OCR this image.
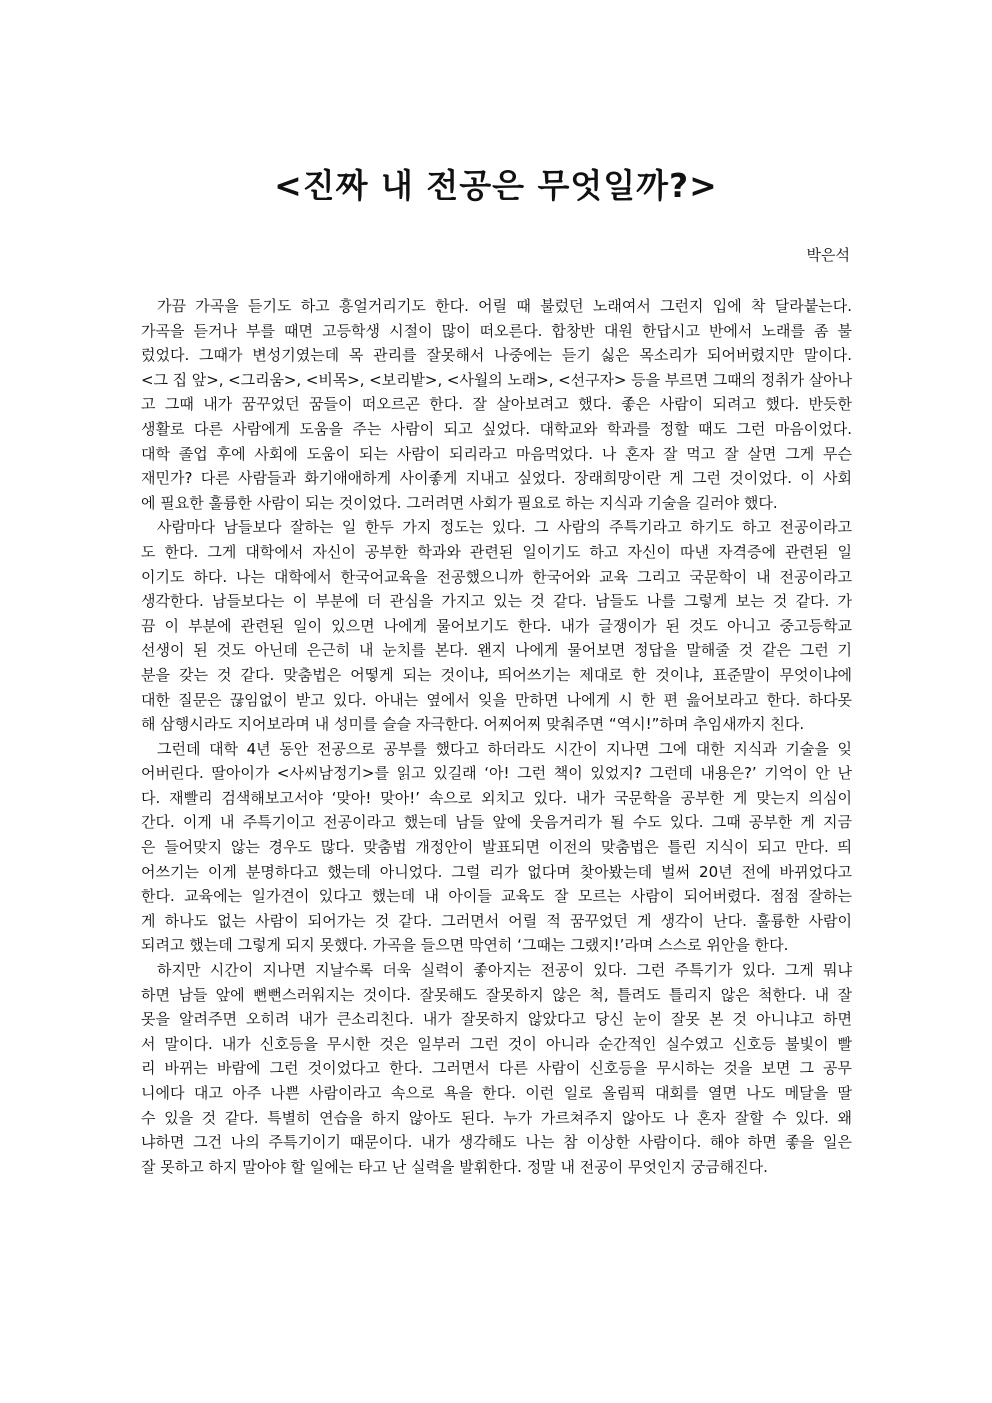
<진짜 내 전공은 무엇일까?>
박은석
가끔 가곡을 듣기도 하고 흥얼거리기도 한다. 어릴 때 불렀던 노래여서 그런지 입에 착 달라붙는다.
가곡을 듣거나 부를 때면 고등학생 시절이 많이 떠오른다. 합창반 대원 한답시고 반에서 노래를 좀 불
렀었다. 그때가 변성기였는데 목 관리를 잘못해서 나중에는 듣기 싫은 목소리가 되어버렸지만 말이다.
<그 집 앞>, <그리움>, <비목>, <보리밭>, <사월의 노래>, <선구자> 등을 부르면 그때의 정취가 살아나
고 그때 내가 꿈꾸었던 꿈들이 떠오르곤 한다. 잘 살아보려고 했다. 좋은 사람이 되려고 했다. 반듯한
생활로 다른 사람에게 도움을 주는 사람이 되고 싶었다. 대학교와 학과를 정할 때도 그런 마음이었다.
대학 졸업 후에 사회에 도움이 되는 사람이 되리라고 마음먹었다. 나 혼자 잘 먹고 잘 살면 그게 무슨
재민가? 다른 사람들과 화기애애하게 사이좋게 지내고 싶었다. 장래희망이란 게 그런 것이었다. 이 사회
에 필요한 훌륭한 사람이 되는 것이었다. 그러려면 사회가 필요로 하는 지식과 기술을 길러야 했다.
사람마다 남들보다 잘하는 일 한두 가지 정도는 있다. 그 사람의 주특기라고 하기도 하고 전공이라고
도 한다. 그게 대학에서 자신이 공부한 학과와 관련된 일이기도 하고 자신이 따낸 자격증에 관련된 일
이기도 하다. 나는 대학에서 한국어교육을 전공했으니까 한국어와 교육 그리고 국문학이 내 전공이라고
생각한다. 남들보다는 이 부분에 더 관심을 가지고 있는 것 같다. 남들도 나를 그렇게 보는 것 같다. 가
끔 이 부분에 관련된 일이 있으면 나에게 물어보기도 한다. 내가 글쟁이가 된 것도 아니고 중고등학교
선생이 된 것도 아닌데 은근히 내 눈치를 본다. 왠지 나에게 물어보면 정답을 말해줄 것 같은 그런 기
분을 갖는 것 같다. 맞춤법은 어떻게 되는 것이냐, 띄어쓰기는 제대로 한 것이냐, 표준말이 무엇이냐에
대한 질문은 끊임없이 받고 있다. 아내는 옆에서 잊을 만하면 나에게 시 한 편 읊어보라고 한다. 하다못
해 삼행시라도 지어보라며 내 성미를 슬슬 자극한다. 어찌어찌 맞춰주면 “역시!”하며 추임새까지 친다.
그런데 대학 4년 동안 전공으로 공부를 했다고 하더라도 시간이 지나면 그에 대한 지식과 기술을 잊
어버린다. 딸아이가 <사씨남정기>를 읽고 있길래 ‘아! 그런 책이 있었지? 그런데 내용은?’ 기억이 안 난
다. 재빨리 검색해보고서야 ‘맞아! 맞아!’ 속으로 외치고 있다. 내가 국문학을 공부한 게 맞는지 의심이
간다. 이게 내 주특기이고 전공이라고 했는데 남들 앞에 웃음거리가 될 수도 있다. 그때 공부한 게 지금
은 들어맞지 않는 경우도 많다. 맞춤법 개정안이 발표되면 이전의 맞춤법은 틀린 지식이 되고 만다. 띄
어쓰기는 이게 분명하다고 했는데 아니었다. 그럴 리가 없다며 찾아봤는데 벌써 20년 전에 바뀌었다고
한다. 교육에는 일가견이 있다고 했는데 내 아이들 교육도 잘 모르는 사람이 되어버렸다. 점점 잘하는
게 하나도 없는 사람이 되어가는 것 같다. 그러면서 어릴 적 꿈꾸었던 게 생각이 난다. 훌륭한 사람이
되려고 했는데 그렇게 되지 못했다. 가곡을 들으면 막연히 ‘그때는 그랬지!’라며 스스로 위안을 한다.
하지만 시간이 지나면 지날수록 더욱 실력이 좋아지는 전공이 있다. 그런 주특기가 있다. 그게 뭐냐
하면 남들 앞에 뻔뻔스러워지는 것이다. 잘못해도 잘못하지 않은 척, 틀려도 틀리지 않은 척한다. 내 잘
못을 알려주면 오히려 내가 큰소리친다. 내가 잘못하지 않았다고 당신 눈이 잘못 본 것 아니냐고 하면
서 말이다. 내가 신호등을 무시한 것은 일부러 그런 것이 아니라 순간적인 실수였고 신호등 불빛이 빨
리 바뀌는 바람에 그런 것이었다고 한다. 그러면서 다른 사람이 신호등을 무시하는 것을 보면 그 공무
니에다 대고 아주 나쁜 사람이라고 속으로 욕을 한다. 이런 일로 올림픽 대회를 열면 나도 메달을 딸
수 있을 것 같다. 특별히 연습을 하지 않아도 된다. 누가 가르쳐주지 않아도 나 혼자 잘할 수 있다. 왜
냐하면 그건 나의 주특기이기 때문이다. 내가 생각해도 나는 참 이상한 사람이다. 해야 하면 좋을 일은
잘 못하고 하지 말아야 할 일에는 타고 난 실력을 발휘한다. 정말 내 전공이 무엇인지 궁금해진다.
